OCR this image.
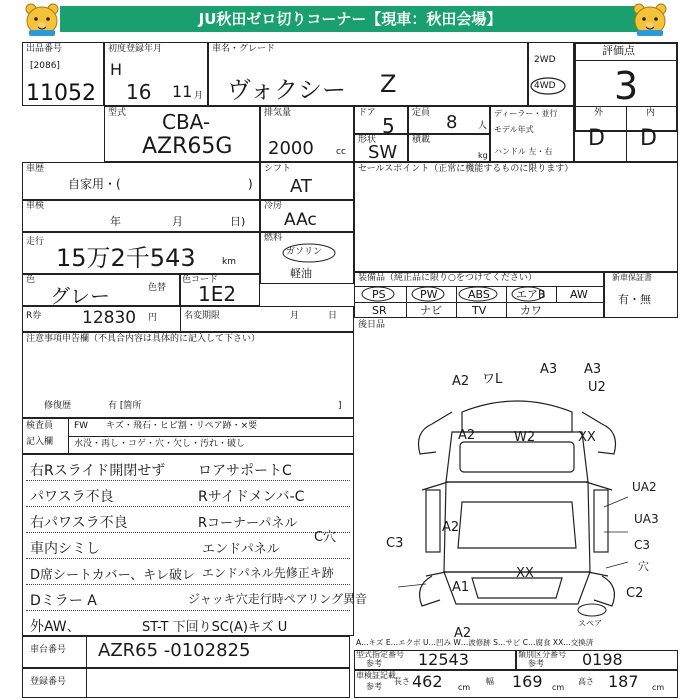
JU秋田ゼロ切りコーナー【現車：秋田会場】
出品番号
[2086]
11052
初度登録年月
H
16 11 月
車名・グレード
ヴォクシー Z
2WD
4WD
評価点
3
型式 CBA-
AZR65G
排気量
2000 cc
ドア
5
定員 8 人
ディーラー・並行
モデル年式
ハンドル 左・右
形状
SW
積載
kg
外	内
D D
車歴
自家用・(	)
シフト
AT
セールスポイント（正常に機能するものに限ります）
車検
年	月	日)
冷房
AAc
走行
15万2千543	km
燃料
ガソリン
軽油
色
グレー	色替
色コード
1E2
装備品（純正品に限り○をつけてください）
PS	PW	ABS エアB AW
SR	ナビ	TV	カワ
新車保証書
有・無
後日品
R券 12830 円	名変期限	月	日
注意事項申告欄（不具合内容は具体的に記入して下さい）
修復歴	有 [箇所	]
検査員
記入欄
FW キズ・飛石・ヒビ割・リペア跡・×要
水没・再し・コゲ・穴・欠し・汚れ・破し
右Rスライド開閉せず
パワスラ不良
右パワスラ不良
車内シミし
D席シートカバー、キレ破レ
Dミラー A
外AW、
ロアサポートC
Rサイドメンバ-C
Rコーナーパネル
エンドパネル
C穴
エンドパネル先修正キ跡
ジャッキ穴走行時ペアリング異音
ST-T 下回りSC(A)キズ U
A2 ワL
A3 A3
U2
A2	W2	XX
UA2
UA3
C3
A2
C3
穴
XX
A1	C2
スペア
A2
A…キズ E…エクボ U…凹み W…波修跡 S…サビ C…腐食 XX…交換済
車台番号 AZR65 -0102825
登録番号
型式指定番号
参考 12543	類別区分番号
参考 0198
車検証記載
参考
長さ 462 cm
幅 169 cm
高さ 187 cm
